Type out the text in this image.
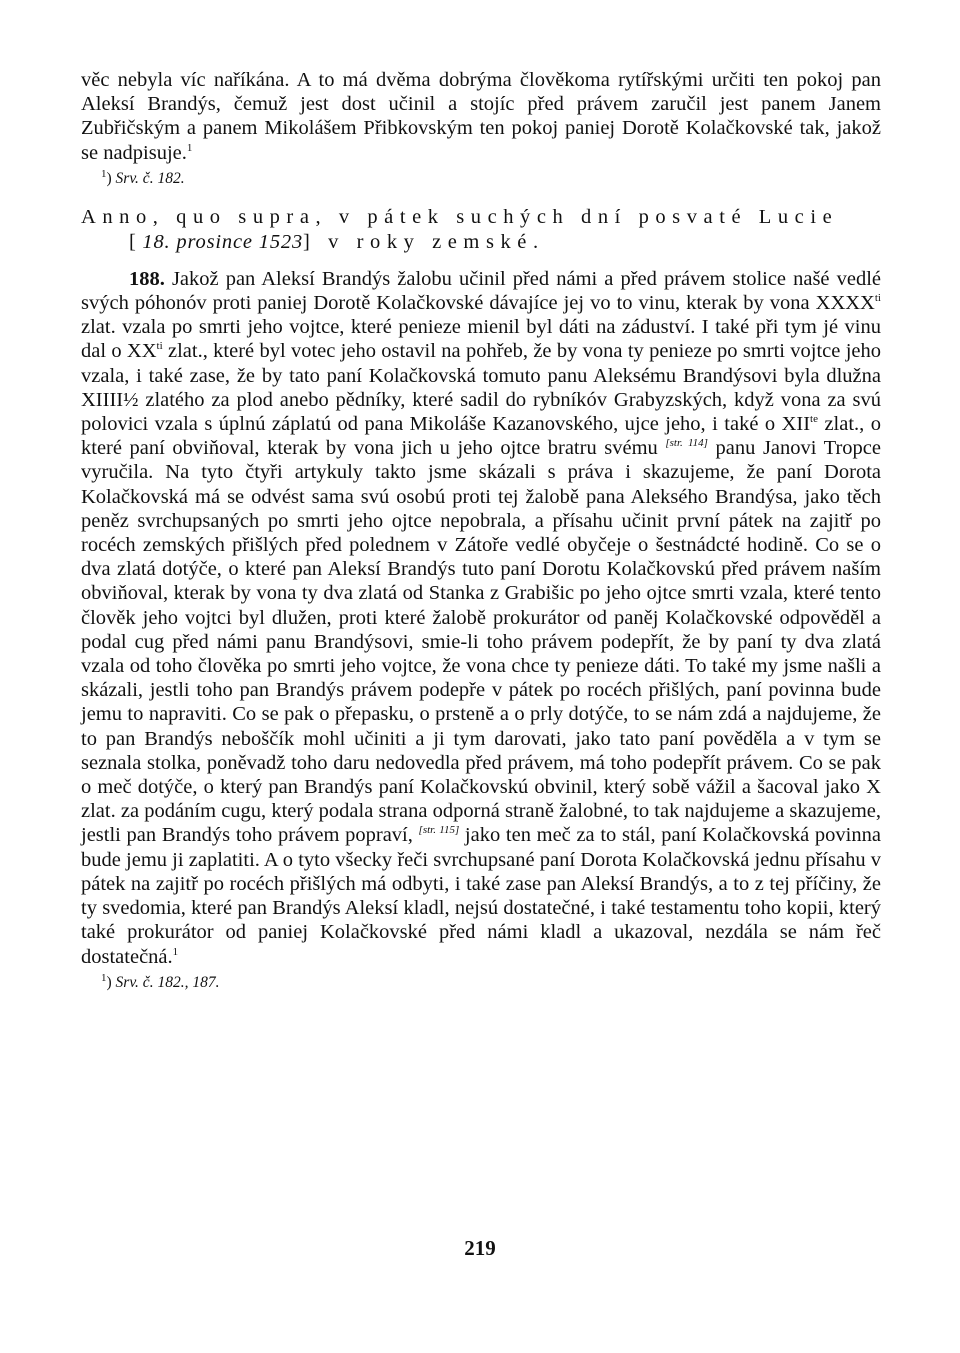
věc nebyla víc naříkána. A to má dvěma dobrýma člověkoma rytířskými určiti ten pokoj pan Aleksí Brandýs, čemuž jest dost učinil a stojíc před právem zaručil jest panem Janem Zubřičským a panem Mikolášem Přibkovským ten pokoj paniej Dorotě Kolačkovské tak, jakož se nadpisuje.$^1$

$^1$) Srv. č. 182.

Anno, quo supra, v pátek suchých dní posvaté Lucie [18. prosince 1523] v roky zemské.

188. Jakož pan Aleksí Brandýs žalobu učinil před námi a před právem stolice našé vedlé svých póhonóv proti paniej Dorotě Kolačkovské dávajíce jej vo to vinu, kterak by vona $XXXX^{ti}$ zlat. vzala po smrti jeho vojtce, které penieze mienil byl dáti na záduství. I také při tym jé vinu dal o $XX^{ti}$ zlat., které byl votec jeho ostavil na pohřeb, že by vona ty penieze po smrti vojtce jeho vzala, i také zase, že by tato paní Kolačkovská tomuto panu Aleksému Brandýsovi byla dlužna XIIII½ zlatého za plod anebo pědníky, které sadil do rybníkóv Grabyzských, když vona za svú polovici vzala s úplnú záplatú od pana Mikoláše Kazanovského, ujce jeho, i také o $XII^{te}$ zlat., o které paní obviňoval, kterak by vona jich u jeho ojtce bratru svému [str. 114] panu Janovi Tropce vyručila. Na tyto čtyři artykuly takto jsme skázali s práva i skazujeme, že paní Dorota Kolačkovská má se odvést sama svú osobú proti tej žalobě pana Aleksého Brandýsa, jako těch peněz svrchupsaných po smrti jeho ojtce nepobrala, a přísahu učinit první pátek na zajitř po rocéch zemských přišlých před polednem v Zátoře vedlé obyčeje o šestnádcté hodině. Co se o dva zlatá dotýče, o které pan Aleksí Brandýs tuto paní Dorotu Kolačkovskú před právem naším obviňoval, kterak by vona ty dva zlatá od Stanka z Grabišic po jeho ojtce smrti vzala, které tento člověk jeho vojtci byl dlužen, proti které žalobě prokurátor od paněj Kolačkovské odpověděl a podal cug před námi panu Brandýsovi, smie-li toho právem podepřít, že by paní ty dva zlatá vzala od toho člověka po smrti jeho vojtce, že vona chce ty penieze dáti. To také my jsme našli a skázali, jestli toho pan Brandýs právem podepře v pátek po rocéch přišlých, paní povinna bude jemu to napraviti. Co se pak o přepasku, o prstenĕ a o prly dotýče, to se nám zdá a najdujeme, že to pan Brandýs neboščík mohl učiniti a ji tym darovati, jako tato paní pověděla a v tym se seznala stolka, poněvadž toho daru nedovedla před právem, má toho podepřít právem. Co se pak o meč dotýče, o který pan Brandýs paní Kolačkovskú obvinil, který sobě vážil a šacoval jako X zlat. za podáním cugu, který podala strana odporná straně žalobné, to tak najdujeme a skazujeme, jestli pan Brandýs toho právem popraví, [str. 115] jako ten meč za to stál, paní Kolačkovská povinna bude jemu ji zaplatiti. A o tyto všecky řeči svrchupsané paní Dorota Kolačkovská jednu přísahu v pátek na zajitř po rocéch přišlých má odbyti, i také zase pan Aleksí Brandýs, a to z tej příčiny, že ty svedomia, které pan Brandýs Aleksí kladl, nejsú dostatečné, i také testamentu toho kopii, který také prokurátor od paniej Kolačkovské před námi kladl a ukazoval, nezdála se nám řeč dostatečná.$^1$

$^1$) Srv. č. 182., 187.

219
